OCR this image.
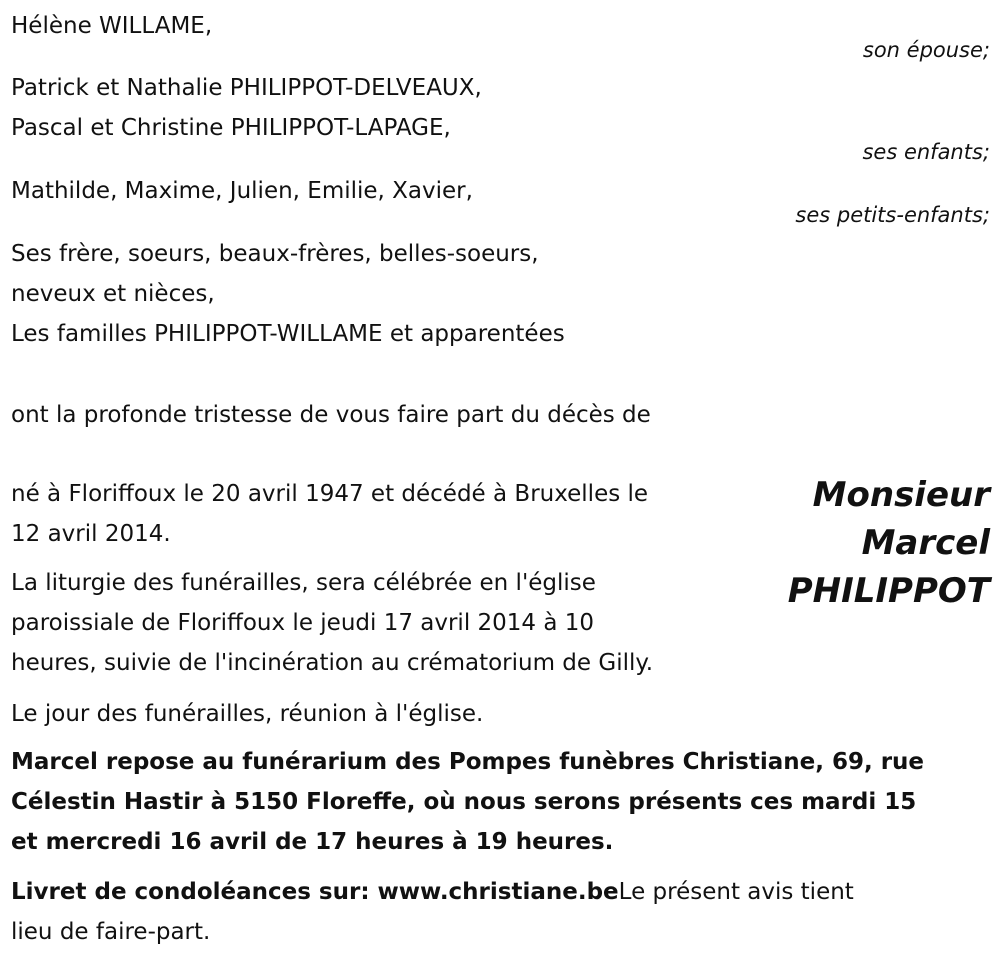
Hélène WILLAME,
son épouse;
Patrick et Nathalie PHILIPPOT-DELVEAUX,
Pascal et Christine PHILIPPOT-LAPAGE,
ses enfants;
Mathilde, Maxime, Julien, Emilie, Xavier,
ses petits-enfants;
Ses frère, soeurs, beaux-frères, belles-soeurs,
neveux et nièces,
Les familles PHILIPPOT-WILLAME et apparentées
ont la profonde tristesse de vous faire part du décès de
Monsieur
Marcel
PHILIPPOT
né à Floriffoux le 20 avril 1947 et décédé à Bruxelles le
12 avril 2014.
La liturgie des funérailles, sera célébrée en l'église
paroissiale de Floriffoux le jeudi 17 avril 2014 à 10
heures, suivie de l'incinération au crématorium de Gilly.
Le jour des funérailles, réunion à l'église.
Marcel repose au funérarium des Pompes funèbres Christiane, 69, rue
Célestin Hastir à 5150 Floreffe, où nous serons présents ces mardi 15
et mercredi 16 avril de 17 heures à 19 heures.
Livret de condoléances sur: www.christiane.beLe présent avis tient
lieu de faire-part.
